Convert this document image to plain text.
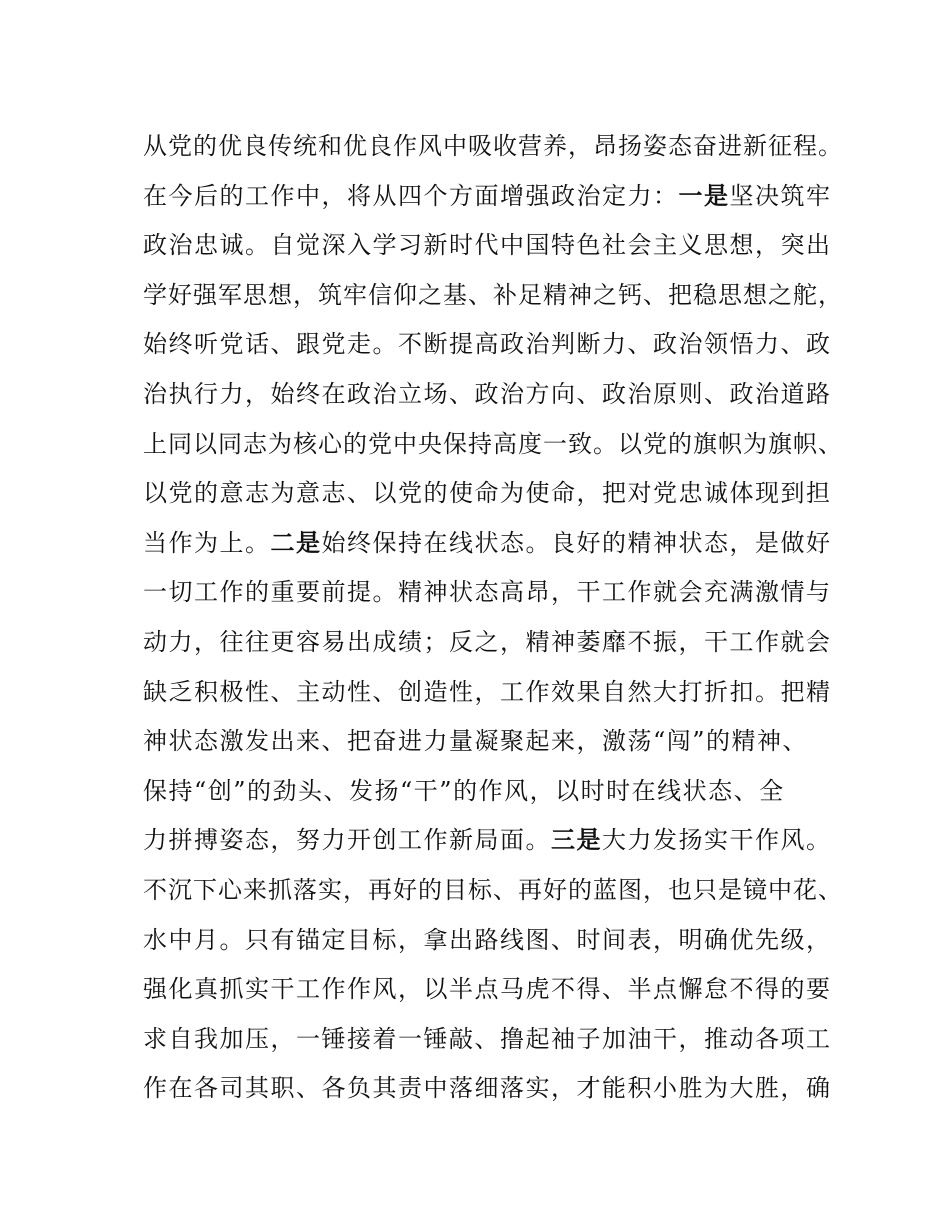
从党的优良传统和优良作风中吸收营养，昂扬姿态奋进新征程。
在今后的工作中，将从四个方面增强政治定力：一是坚决筑牢
政治忠诚。自觉深入学习新时代中国特色社会主义思想，突出
学好强军思想，筑牢信仰之基、补足精神之钙、把稳思想之舵，
始终听党话、跟党走。不断提高政治判断力、政治领悟力、政
治执行力，始终在政治立场、政治方向、政治原则、政治道路
上同以同志为核心的党中央保持高度一致。以党的旗帜为旗帜、
以党的意志为意志、以党的使命为使命，把对党忠诚体现到担
当作为上。二是始终保持在线状态。良好的精神状态，是做好
一切工作的重要前提。精神状态高昂，干工作就会充满激情与
动力，往往更容易出成绩；反之，精神萎靡不振，干工作就会
缺乏积极性、主动性、创造性，工作效果自然大打折扣。把精
神状态激发出来、把奋进力量凝聚起来，激荡“闯”的精神、
保持“创”的劲头、发扬“干”的作风，以时时在线状态、全
力拼搏姿态，努力开创工作新局面。三是大力发扬实干作风。
不沉下心来抓落实，再好的目标、再好的蓝图，也只是镜中花、
水中月。只有锚定目标，拿出路线图、时间表，明确优先级，
强化真抓实干工作作风，以半点马虎不得、半点懈怠不得的要
求自我加压，一锤接着一锤敲、撸起袖子加油干，推动各项工
作在各司其职、各负其责中落细落实，才能积小胜为大胜，确
